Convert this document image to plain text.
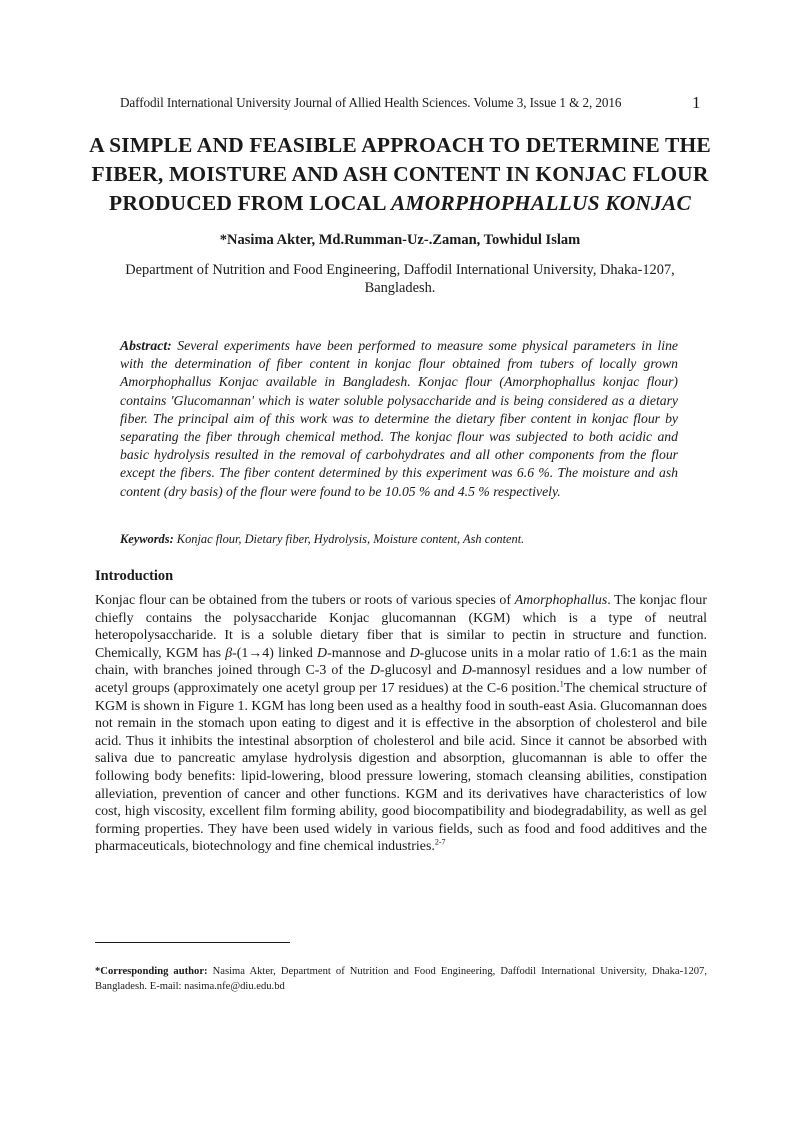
Daffodil International University Journal of Allied Health Sciences. Volume 3, Issue 1 & 2, 2016	1
A SIMPLE AND FEASIBLE APPROACH TO DETERMINE THE
FIBER, MOISTURE AND ASH CONTENT IN KONJAC FLOUR
PRODUCED FROM LOCAL AMORPHOPHALLUS KONJAC
*Nasima Akter, Md.Rumman-Uz-.Zaman, Towhidul Islam
Department of Nutrition and Food Engineering, Daffodil International University, Dhaka-1207, Bangladesh.

Abstract: Several experiments have been performed to measure some physical parameters in line with the determination of fiber content in konjac flour obtained from tubers of locally grown Amorphophallus Konjac available in Bangladesh. Konjac flour (Amorphophallus konjac flour) contains 'Glucomannan' which is water soluble polysaccharide and is being considered as a dietary fiber. The principal aim of this work was to determine the dietary fiber content in konjac flour by separating the fiber through chemical method. The konjac flour was subjected to both acidic and basic hydrolysis resulted in the removal of carbohydrates and all other components from the flour except the fibers. The fiber content determined by this experiment was 6.6 %. The moisture and ash content (dry basis) of the flour were found to be 10.05 % and 4.5 % respectively.

Keywords: Konjac flour, Dietary fiber, Hydrolysis, Moisture content, Ash content.

Introduction

Konjac flour can be obtained from the tubers or roots of various species of Amorphophallus. The konjac flour chiefly contains the polysaccharide Konjac glucomannan (KGM) which is a type of neutral heteropolysaccharide. It is a soluble dietary fiber that is similar to pectin in structure and function. Chemically, KGM has β-(1→4) linked D-mannose and D-glucose units in a molar ratio of 1.6:1 as the main chain, with branches joined through C-3 of the D-glucosyl and D-mannosyl residues and a low number of acetyl groups (approximately one acetyl group per 17 residues) at the C-6 position.$^1$The chemical structure of KGM is shown in Figure 1. KGM has long been used as a healthy food in south-east Asia. Glucomannan does not remain in the stomach upon eating to digest and it is effective in the absorption of cholesterol and bile acid. Thus it inhibits the intestinal absorption of cholesterol and bile acid. Since it cannot be absorbed with saliva due to pancreatic amylase hydrolysis digestion and absorption, glucomannan is able to offer the following body benefits: lipid-lowering, blood pressure lowering, stomach cleansing abilities, constipation alleviation, prevention of cancer and other functions. KGM and its derivatives have characteristics of low cost, high viscosity, excellent film forming ability, good biocompatibility and biodegradability, as well as gel forming properties. They have been used widely in various fields, such as food and food additives and the pharmaceuticals, biotechnology and fine chemical industries.$^{2-7}$

*Corresponding author: Nasima Akter, Department of Nutrition and Food Engineering, Daffodil International University, Dhaka-1207, Bangladesh. E-mail: nasima.nfe@diu.edu.bd
